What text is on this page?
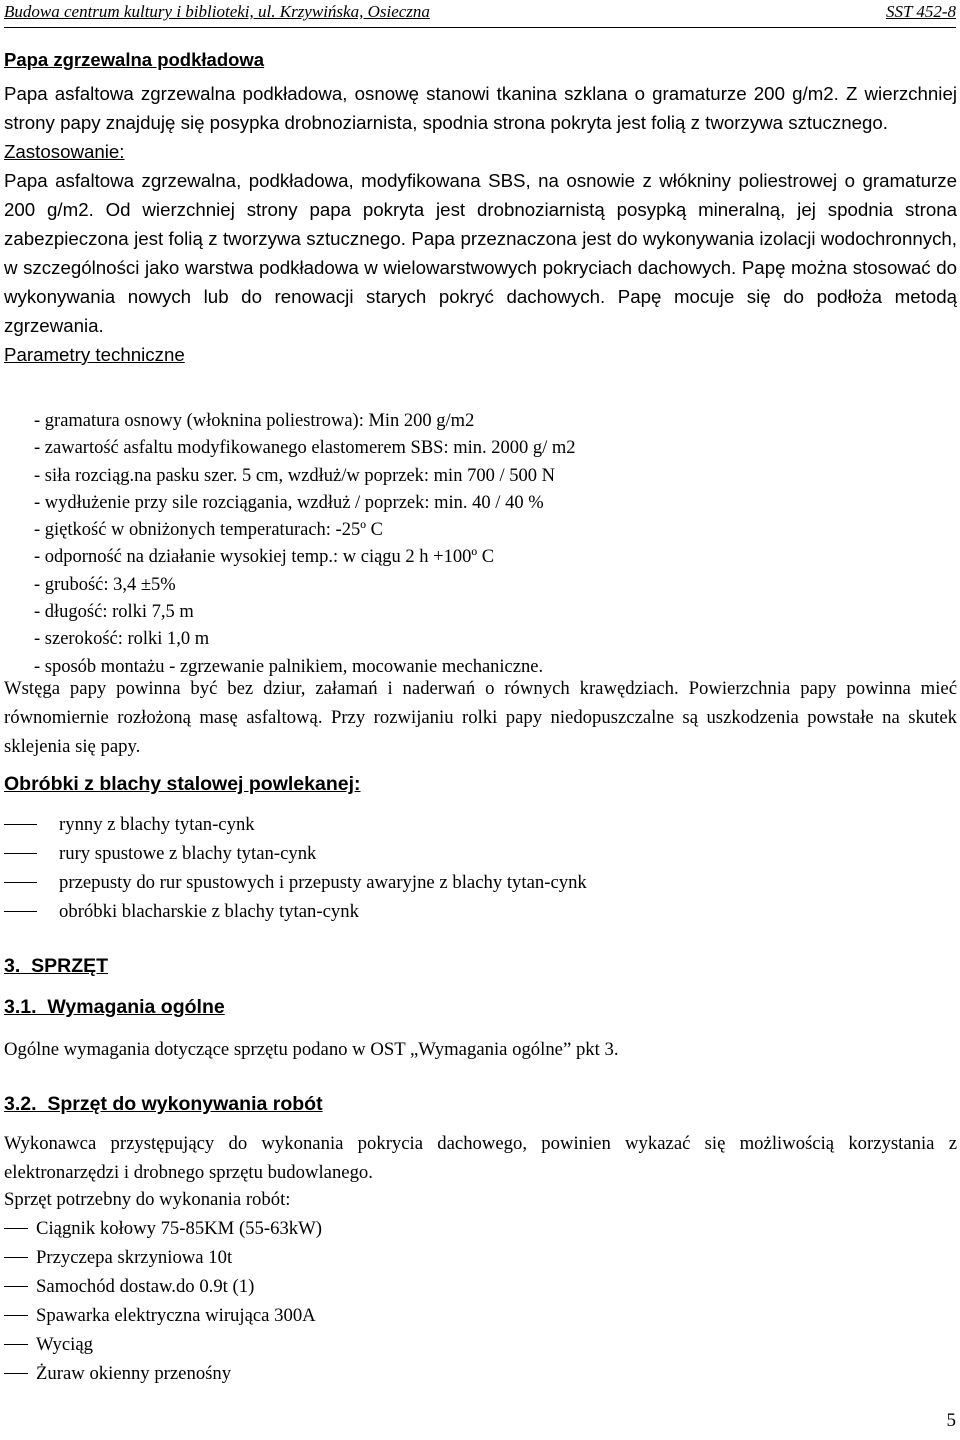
Budowa centrum kultury i biblioteki, ul. Krzywińska, Osieczna	SST 452-8

Papa zgrzewalna podkładowa

Papa asfaltowa zgrzewalna podkładowa, osnowę stanowi tkanina szklana o gramaturze 200 g/m2. Z wierzchniej strony papy znajduję się posypka drobnoziarnista, spodnia strona pokryta jest folią z tworzywa sztucznego.

Zastosowanie:

Papa asfaltowa zgrzewalna, podkładowa, modyfikowana SBS, na osnowie z włókniny poliestrowej o gramaturze 200 g/m2. Od wierzchniej strony papa pokryta jest drobnoziarnistą posypką mineralną, jej spodnia strona zabezpieczona jest folią z tworzywa sztucznego. Papa przeznaczona jest do wykonywania izolacji wodochronnych, w szczególności jako warstwa podkładowa w wielowarstwowych pokryciach dachowych. Papę można stosować do wykonywania nowych lub do renowacji starych pokryć dachowych. Papę mocuje się do podłoża metodą zgrzewania.

Parametry techniczne

- gramatura osnowy (włoknina poliestrowa): Min 200 g/m2
- zawartość asfaltu modyfikowanego elastomerem SBS: min. 2000 g/ m2
- siła rozciąg.na pasku szer. 5 cm, wzdłuż/w poprzek: min 700 / 500 N
- wydłużenie przy sile rozciągania, wzdłuż / poprzek: min. 40 / 40 %
- giętkość w obniżonych temperaturach: -25º C
- odporność na działanie wysokiej temp.: w ciągu 2 h +100º C
- grubość: 3,4 ±5%
- długość: rolki 7,5 m
- szerokość: rolki 1,0 m
- sposób montażu - zgrzewanie palnikiem, mocowanie mechaniczne.

Wstęga papy powinna być bez dziur, załamań i naderwań o równych krawędziach. Powierzchnia papy powinna mieć równomiernie rozłożoną masę asfaltową. Przy rozwijaniu rolki papy niedopuszczalne są uszkodzenia powstałe na skutek sklejenia się papy.

Obróbki z blachy stalowej powlekanej:

rynny z blachy tytan-cynk
rury spustowe z blachy tytan-cynk
przepusty do rur spustowych i przepusty awaryjne z blachy tytan-cynk
obróbki blacharskie z blachy tytan-cynk

3.  SPRZĘT

3.1.  Wymagania ogólne

Ogólne wymagania dotyczące sprzętu podano w OST „Wymagania ogólne” pkt 3.

3.2.  Sprzęt do wykonywania robót

Wykonawca przystępujący do wykonania pokrycia dachowego, powinien wykazać się możliwością korzystania z elektronarzędzi i drobnego sprzętu budowlanego.

Sprzęt potrzebny do wykonania robót:

Ciągnik kołowy 75-85KM (55-63kW)
Przyczepa skrzyniowa 10t
Samochód dostaw.do 0.9t (1)
Spawarka elektryczna wirująca 300A
Wyciąg
Żuraw okienny przenośny
5
